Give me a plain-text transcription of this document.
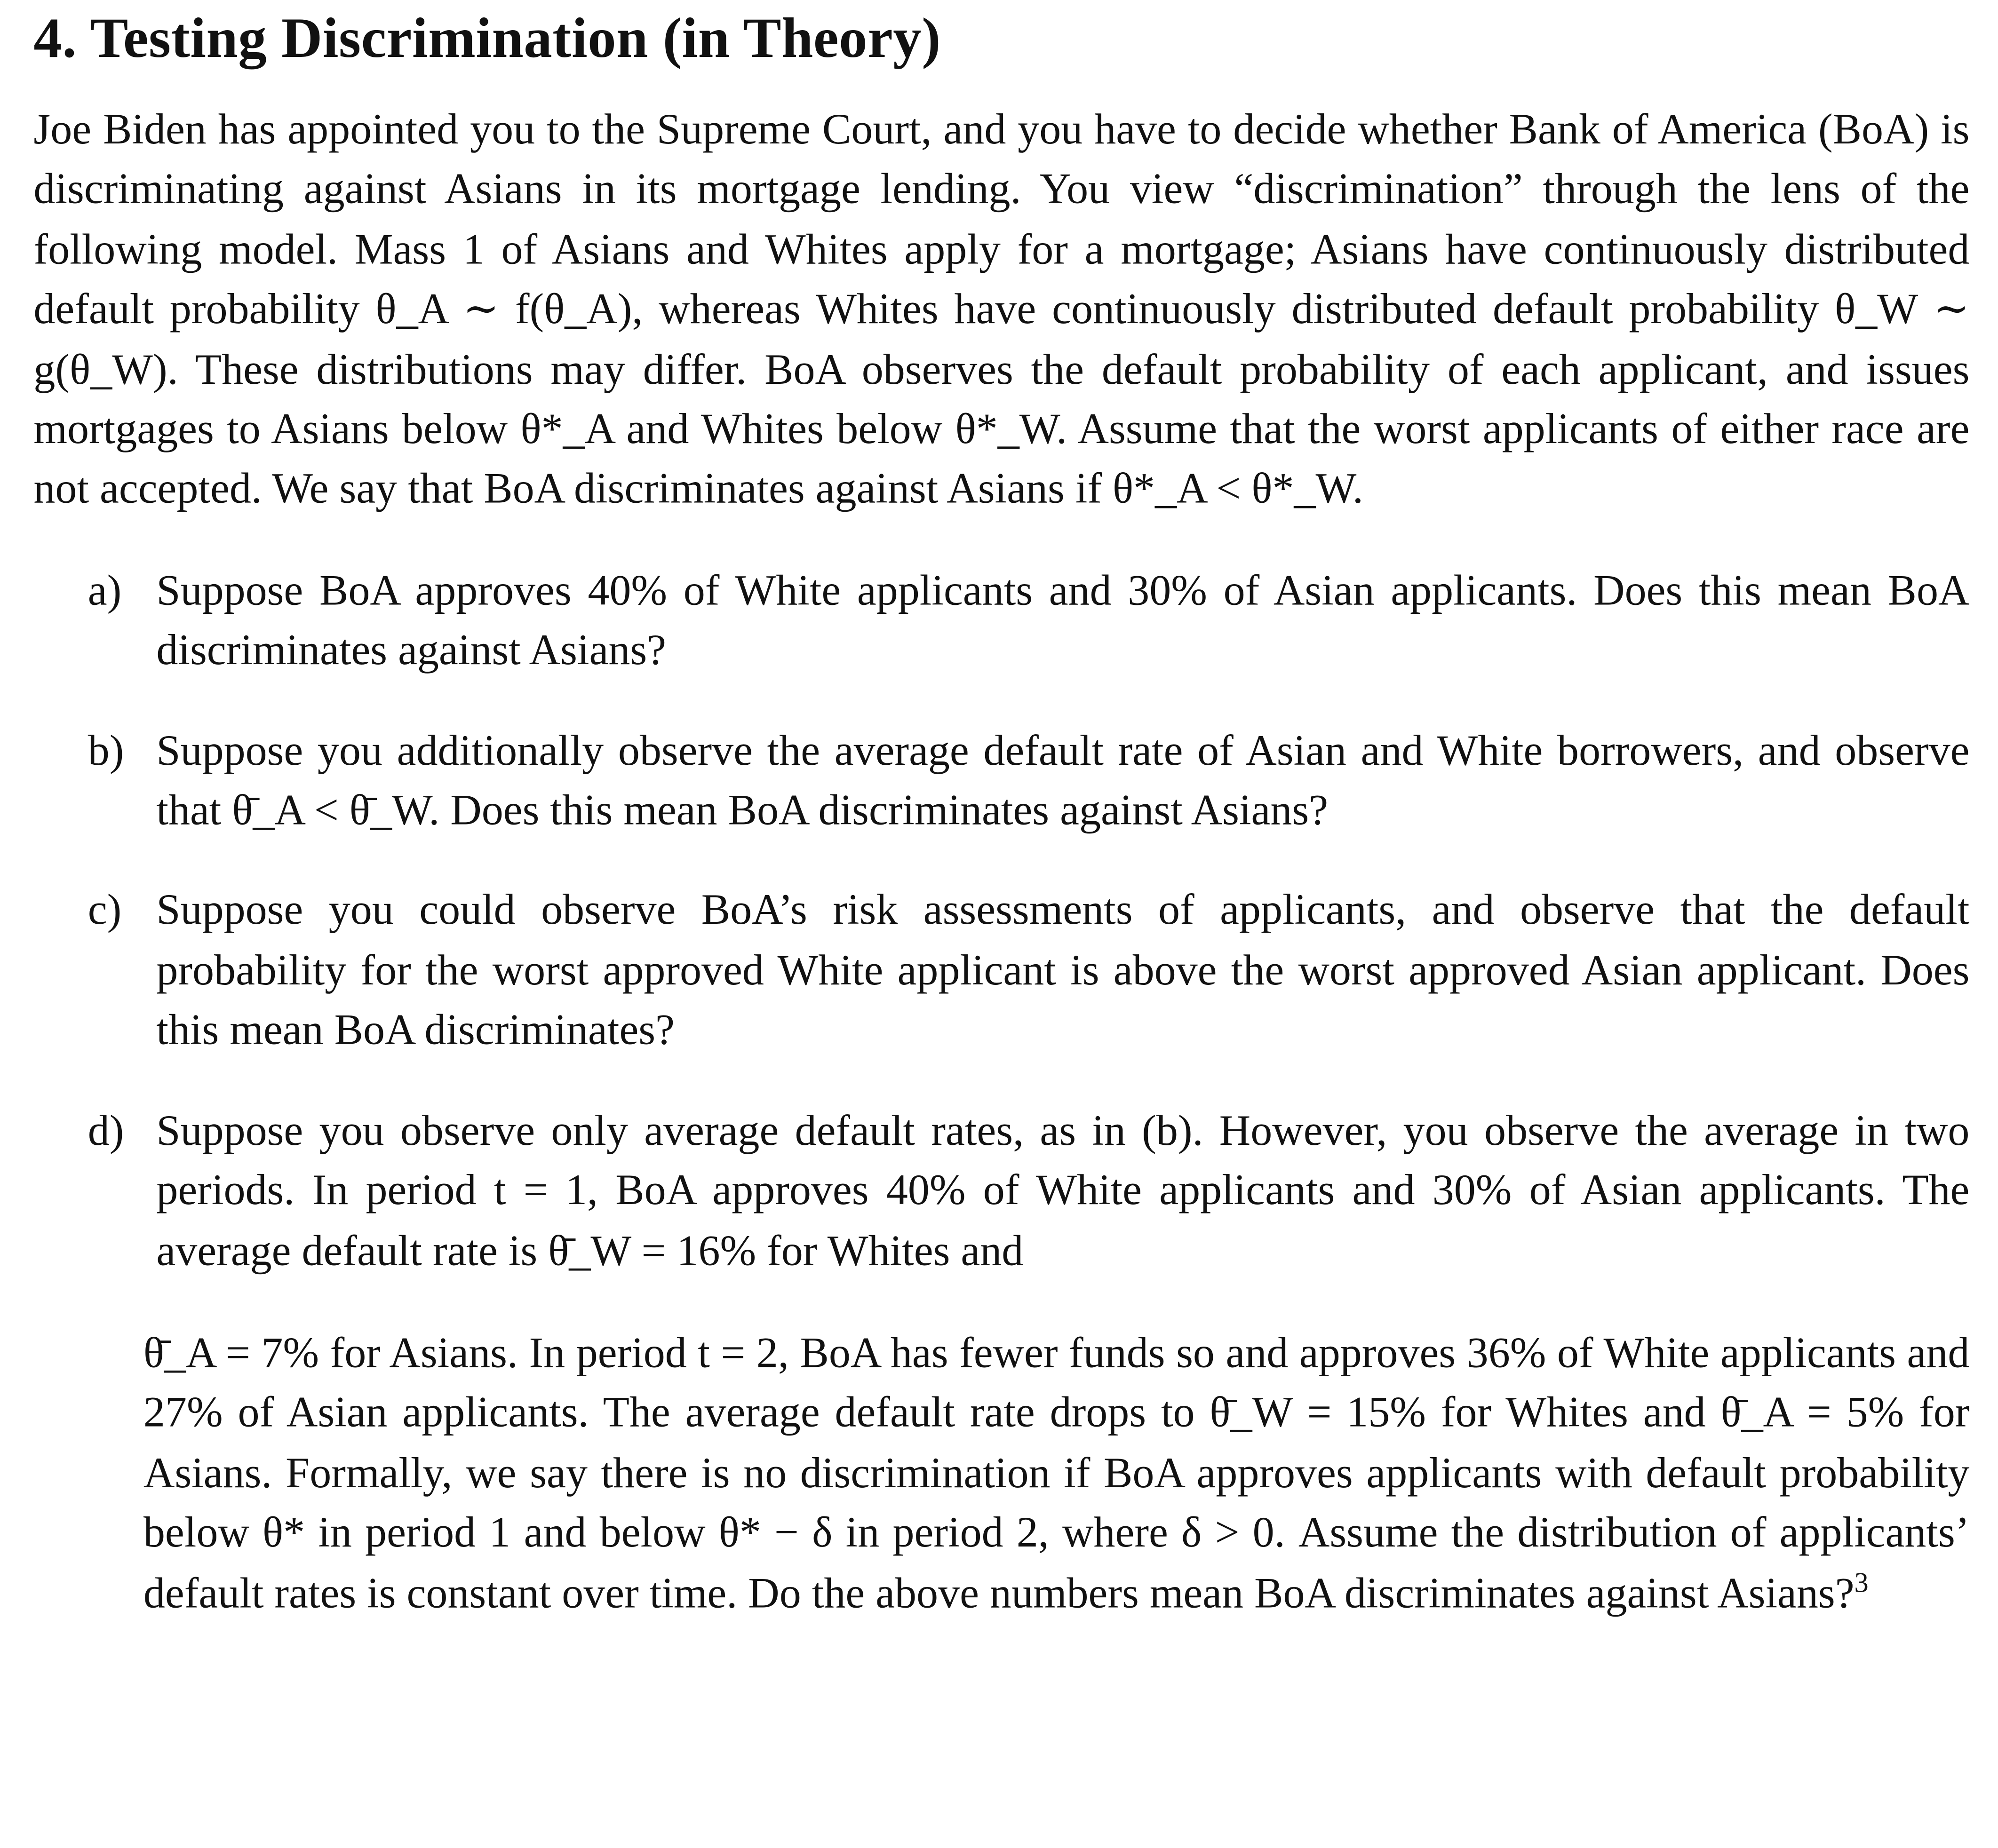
4. Testing Discrimination (in Theory)

Joe Biden has appointed you to the Supreme Court, and you have to decide whether Bank of America (BoA) is discriminating against Asians in its mortgage lending. You view “discrimination” through the lens of the following model. Mass 1 of Asians and Whites apply for a mortgage; Asians have continuously distributed default probability θ_A ∼ f(θ_A), whereas Whites have continuously distributed default probability θ_W ∼ g(θ_W). These distributions may differ. BoA observes the default probability of each applicant, and issues mortgages to Asians below θ*_A and Whites below θ*_W. Assume that the worst applicants of either race are not accepted. We say that BoA discriminates against Asians if θ*_A < θ*_W.

a) Suppose BoA approves 40% of White applicants and 30% of Asian applicants. Does this mean BoA discriminates against Asians?
b) Suppose you additionally observe the average default rate of Asian and White borrowers, and observe that θ̄_A < θ̄_W. Does this mean BoA discriminates against Asians?
c) Suppose you could observe BoA’s risk assessments of applicants, and observe that the default probability for the worst approved White applicant is above the worst approved Asian applicant. Does this mean BoA discriminates?
d) Suppose you observe only average default rates, as in (b). However, you observe the average in two periods. In period t = 1, BoA approves 40% of White applicants and 30% of Asian applicants. The average default rate is θ̄_W = 16% for Whites and

θ̄_A = 7% for Asians. In period t = 2, BoA has fewer funds so and approves 36% of White applicants and 27% of Asian applicants. The average default rate drops to θ̄_W = 15% for Whites and θ̄_A = 5% for Asians. Formally, we say there is no discrimination if BoA approves applicants with default probability below θ* in period 1 and below θ* − δ in period 2, where δ > 0. Assume the distribution of applicants’ default rates is constant over time. Do the above numbers mean BoA discriminates against Asians?$^3$
